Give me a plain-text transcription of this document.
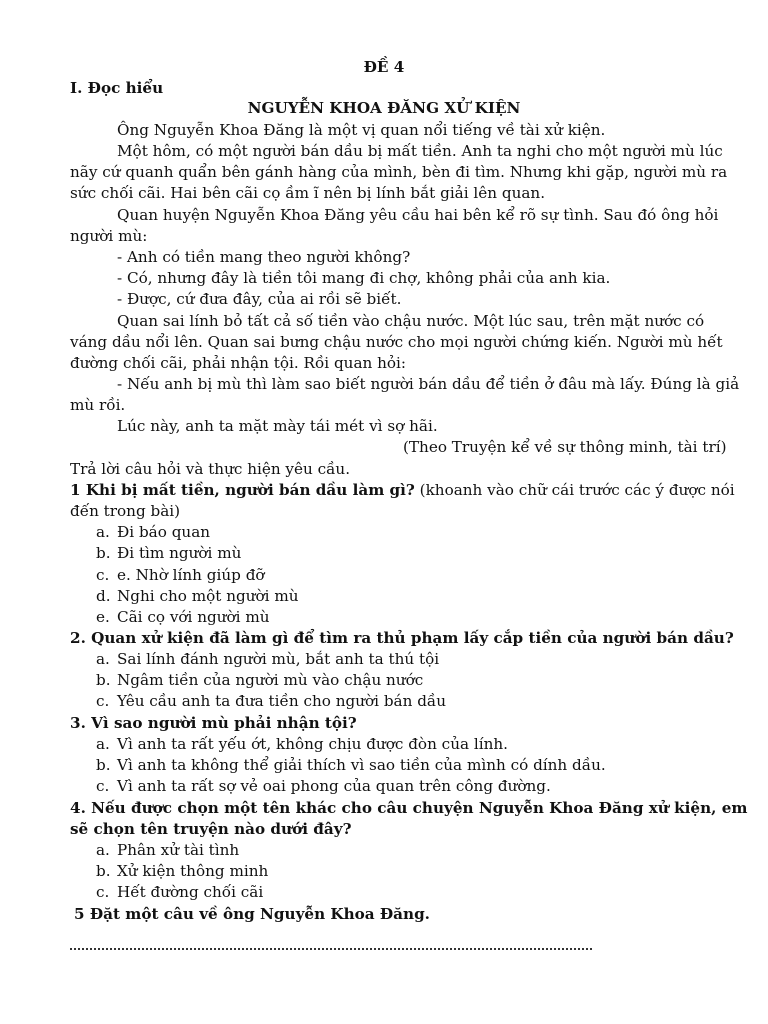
ĐỀ 4
I. Đọc hiểu
NGUYỄN KHOA ĐĂNG XỬ KIỆN
Ông Nguyễn Khoa Đăng là một vị quan nổi tiếng về tài xử kiện.
Một hôm, có một người bán dầu bị mất tiền. Anh ta nghi cho một người mù lúc
nãy cứ quanh quẩn bên gánh hàng của mình, bèn đi tìm. Nhưng khi gặp, người mù ra
sức chối cãi. Hai bên cãi cọ ầm ĩ nên bị lính bắt giải lên quan.
Quan huyện Nguyễn Khoa Đăng yêu cầu hai bên kể rõ sự tình. Sau đó ông hỏi
người mù:
- Anh có tiền mang theo người không?
- Có, nhưng đây là tiền tôi mang đi chợ, không phải của anh kia.
- Được, cứ đưa đây, của ai rồi sẽ biết.
Quan sai lính bỏ tất cả số tiền vào chậu nước. Một lúc sau, trên mặt nước có
váng dầu nổi lên. Quan sai bưng chậu nước cho mọi người chứng kiến. Người mù hết
đường chối cãi, phải nhận tội. Rồi quan hỏi:
- Nếu anh bị mù thì làm sao biết người bán dầu để tiền ở đâu mà lấy. Đúng là giả
mù rồi.
Lúc này, anh ta mặt mày tái mét vì sợ hãi.
(Theo Truyện kể về sự thông minh, tài trí)
Trả lời câu hỏi và thực hiện yêu cầu.
1 Khi bị mất tiền, người bán dầu làm gì? (khoanh vào chữ cái trước các ý được nói
đến trong bài)
a. Đi báo quan
b. Đi tìm người mù
c. e. Nhờ lính giúp đỡ
d. Nghi cho một người mù
e. Cãi cọ với người mù
2. Quan xử kiện đã làm gì để tìm ra thủ phạm lấy cắp tiền của người bán dầu?
a. Sai lính đánh người mù, bắt anh ta thú tội
b. Ngâm tiền của người mù vào chậu nước
c. Yêu cầu anh ta đưa tiền cho người bán dầu
3. Vì sao người mù phải nhận tội?
a. Vì anh ta rất yếu ớt, không chịu được đòn của lính.
b. Vì anh ta không thể giải thích vì sao tiền của mình có dính dầu.
c. Vì anh ta rất sợ vẻ oai phong của quan trên công đường.
4. Nếu được chọn một tên khác cho câu chuyện Nguyễn Khoa Đăng xử kiện, em
sẽ chọn tên truyện nào dưới đây?
a. Phân xử tài tình
b. Xử kiện thông minh
c. Hết đường chối cãi
5 Đặt một câu về ông Nguyễn Khoa Đăng.
